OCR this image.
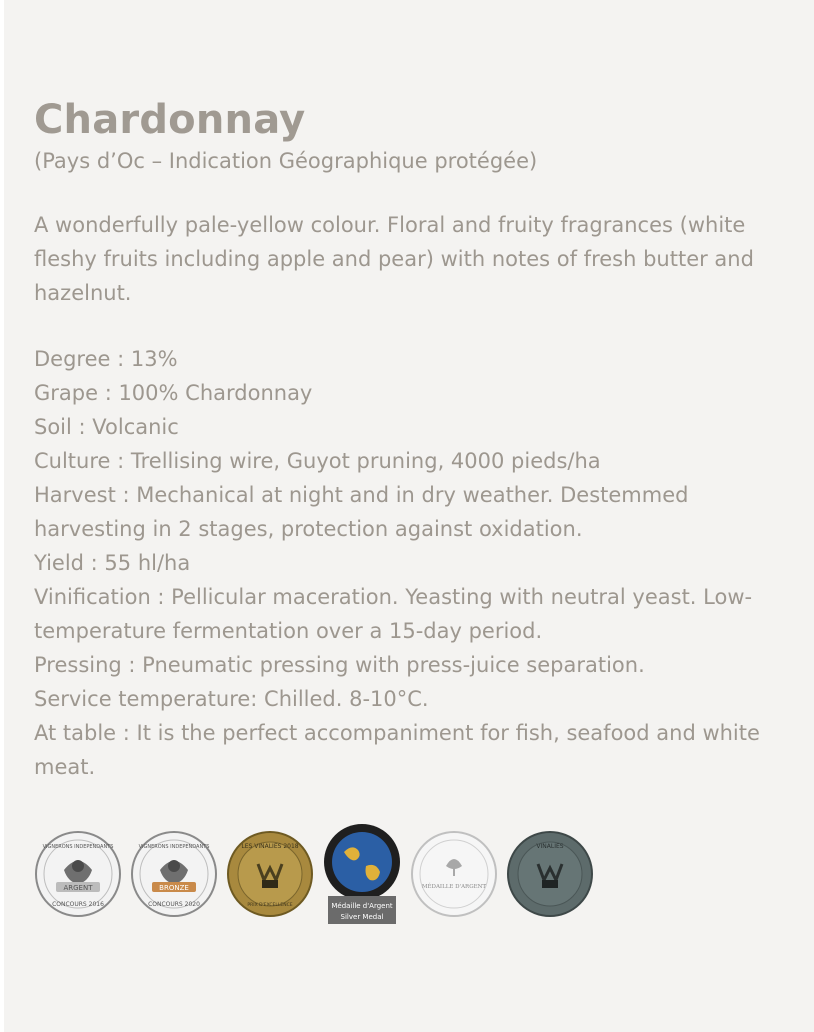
Chardonnay

(Pays d’Oc – Indication Géographique protégée)

A wonderfully pale-yellow colour. Floral and fruity fragrances (white fleshy fruits including apple and pear) with notes of fresh butter and hazelnut.

Degree : 13%

Grape : 100% Chardonnay

Soil : Volcanic

Culture : Trellising wire, Guyot pruning, 4000 pieds/ha

Harvest : Mechanical at night and in dry weather. Destemmed harvesting in 2 stages, protection against oxidation.

Yield : 55 hl/ha

Vinification : Pellicular maceration. Yeasting with neutral yeast. Low-temperature fermentation over a 15-day period.

Pressing : Pneumatic pressing with press-juice separation.

Service temperature: Chilled. 8-10°C.

At table : It is the perfect accompaniment for fish, seafood and white meat.

ARGENT
CONCOURS 2016
VIGNERONS INDEPENDANTS
BRONZE
CONCOURS 2020
VIGNERONS INDEPENDANTS	LES VINALIES 2018
PRIX D'EXCELLENCE	Médaille d'Argent
Silver Medal
MÉDAILLE D'ARGENT
VINALIES
